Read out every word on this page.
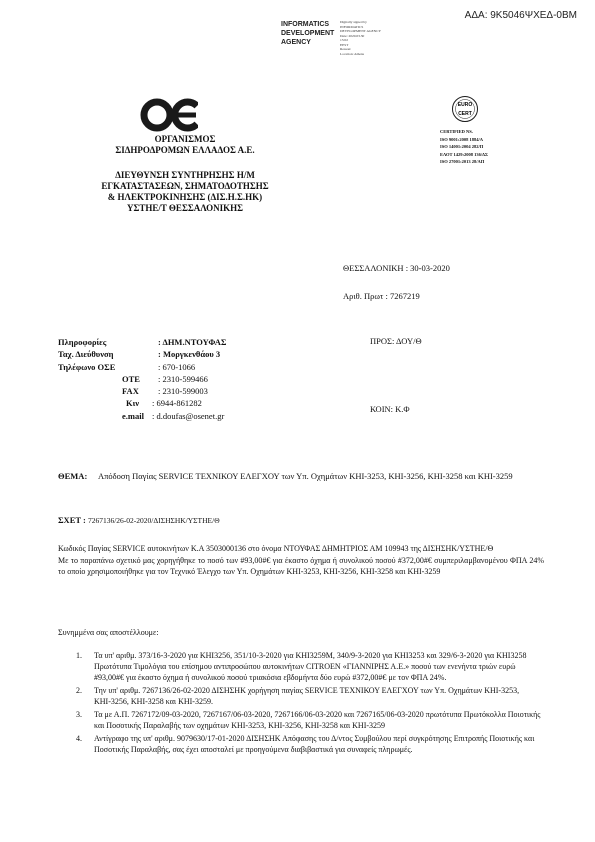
ΑΔΑ: 9Κ5046ΨΧΕΔ-0ΒΜ
INFORMATICS
DEVELOPMENT
AGENCY
Digitally signed by
INFORMATICS
DEVELOPMENT AGENCY
Date: 2020.03.30
15:02
EEST
Reason:
Location: Athens
ΟΡΓΑΝΙΣΜΟΣ
ΣΙΔΗΡΟΔΡΟΜΩΝ ΕΛΛΑΔΟΣ Α.Ε.
ΔΙΕΥΘΥΝΣΗ ΣΥΝΤΗΡΗΣΗΣ Η/Μ
ΕΓΚΑΤΑΣΤΑΣΕΩΝ, ΣΗΜΑΤΟΔΟΤΗΣΗΣ
& ΗΛΕΚΤΡΟΚΙΝΗΣΗΣ (ΔΙΣ.Η.Σ.ΗΚ)
ΥΣΤΗΕ/Τ ΘΕΣΣΑΛΟΝΙΚΗΣ
EURO
CERT
CERTIFIED NS.
ISO 9001:2008 1884/A
ISO 14001:2004 282/Π
ΕΛΟΤ 1429:2008 136/ΔΣ
ISO 27001:2013 28/ΑΠ
ΘΕΣΣΑΛΟΝΙΚΗ : 30-03-2020
Αριθ. Πρωτ : 7267219
Πληροφορίες	: ΔΗΜ.ΝΤΟΥΦΑΣ
Ταχ. Διεύθυνση	: Μοργκενθάου 3
Τηλέφωνο ΟΣΕ	: 670-1066
ΟΤΕ : 2310-599466
FAX : 2310-599003
Κιν : 6944-861282
e.mail : d.doufas@osenet.gr
ΠΡΟΣ: ΔΟΥ/Θ
ΚΟΙΝ: Κ.Φ
ΘΕΜΑ:	Απόδοση Παγίας SERVICE ΤΕΧΝΙΚΟΥ ΕΛΕΓΧΟΥ των Υπ. Οχημάτων ΚΗΙ-3253, ΚΗΙ-3256, ΚΗΙ-3258 και ΚΗΙ-3259
ΣΧΕΤ : 7267136/26-02-2020/ΔΙΣΗΣΗΚ/ΥΣΤΗΕ/Θ
Κωδικός Παγίας SERVICE αυτοκινήτων Κ.Α 3503000136 στο όνομα ΝΤΟΥΦΑΣ ΔΗΜΗΤΡΙΟΣ ΑΜ 109943 της ΔΙΣΗΣΗΚ/ΥΣΤΗΕ/Θ
Με το παραπάνω σχετικό μας χορηγήθηκε το ποσό των #93,00#€ για έκαστο όχημα ή συνολικού ποσού #372,00#€ συμπεριλαμβανομένου ΦΠΑ 24% το οποίο χρησιμοποιήθηκε για τον Τεχνικό Έλεγχο των Υπ. Οχημάτων ΚΗΙ-3253, ΚΗΙ-3256, ΚΗΙ-3258 και ΚΗΙ-3259
Συνημμένα σας αποστέλλουμε:
1. Τα υπ' αριθμ. 373/16-3-2020 για ΚΗΙ3256, 351/10-3-2020 για ΚΗΙ3259Μ, 340/9-3-2020 για ΚΗΙ3253 και 329/6-3-2020 για ΚΗΙ3258 Πρωτότυπα Τιμολόγια του επίσημου αντιπροσώπου αυτοκινήτων CITROEN «ΓΙΑΝΝΙΡΗΣ Α.Ε.» ποσού των ενενήντα τριών ευρώ #93,00#€ για έκαστο όχημα ή συνολικού ποσού τριακόσια εβδομήντα δύο ευρώ #372,00#€ με τον ΦΠΑ 24%.
2. Την υπ' αριθμ. 7267136/26-02-2020 ΔΙΣΗΣΗΚ χορήγηση παγίας SERVICE ΤΕΧΝΙΚΟΥ ΕΛΕΓΧΟΥ των Υπ. Οχημάτων ΚΗΙ-3253, ΚΗΙ-3256, ΚΗΙ-3258 και ΚΗΙ-3259.
3. Τα με Α.Π. 7267172/09-03-2020, 7267167/06-03-2020, 7267166/06-03-2020 και 7267165/06-03-2020 πρωτότυπα Πρωτόκολλα Ποιοτικής και Ποσοτικής Παραλαβής των οχημάτων ΚΗΙ-3253, ΚΗΙ-3256, ΚΗΙ-3258 και ΚΗΙ-3259
4. Αντίγραφο της υπ' αριθμ. 9079630/17-01-2020 ΔΙΣΗΣΗΚ Απόφασης του Δ/ντος Συμβούλου περί συγκρότησης Επιτροπής Ποιοτικής και Ποσοτικής Παραλαβής, σας έχει αποσταλεί με προηγούμενα διαβιβαστικά για συναφείς πληρωμές.
